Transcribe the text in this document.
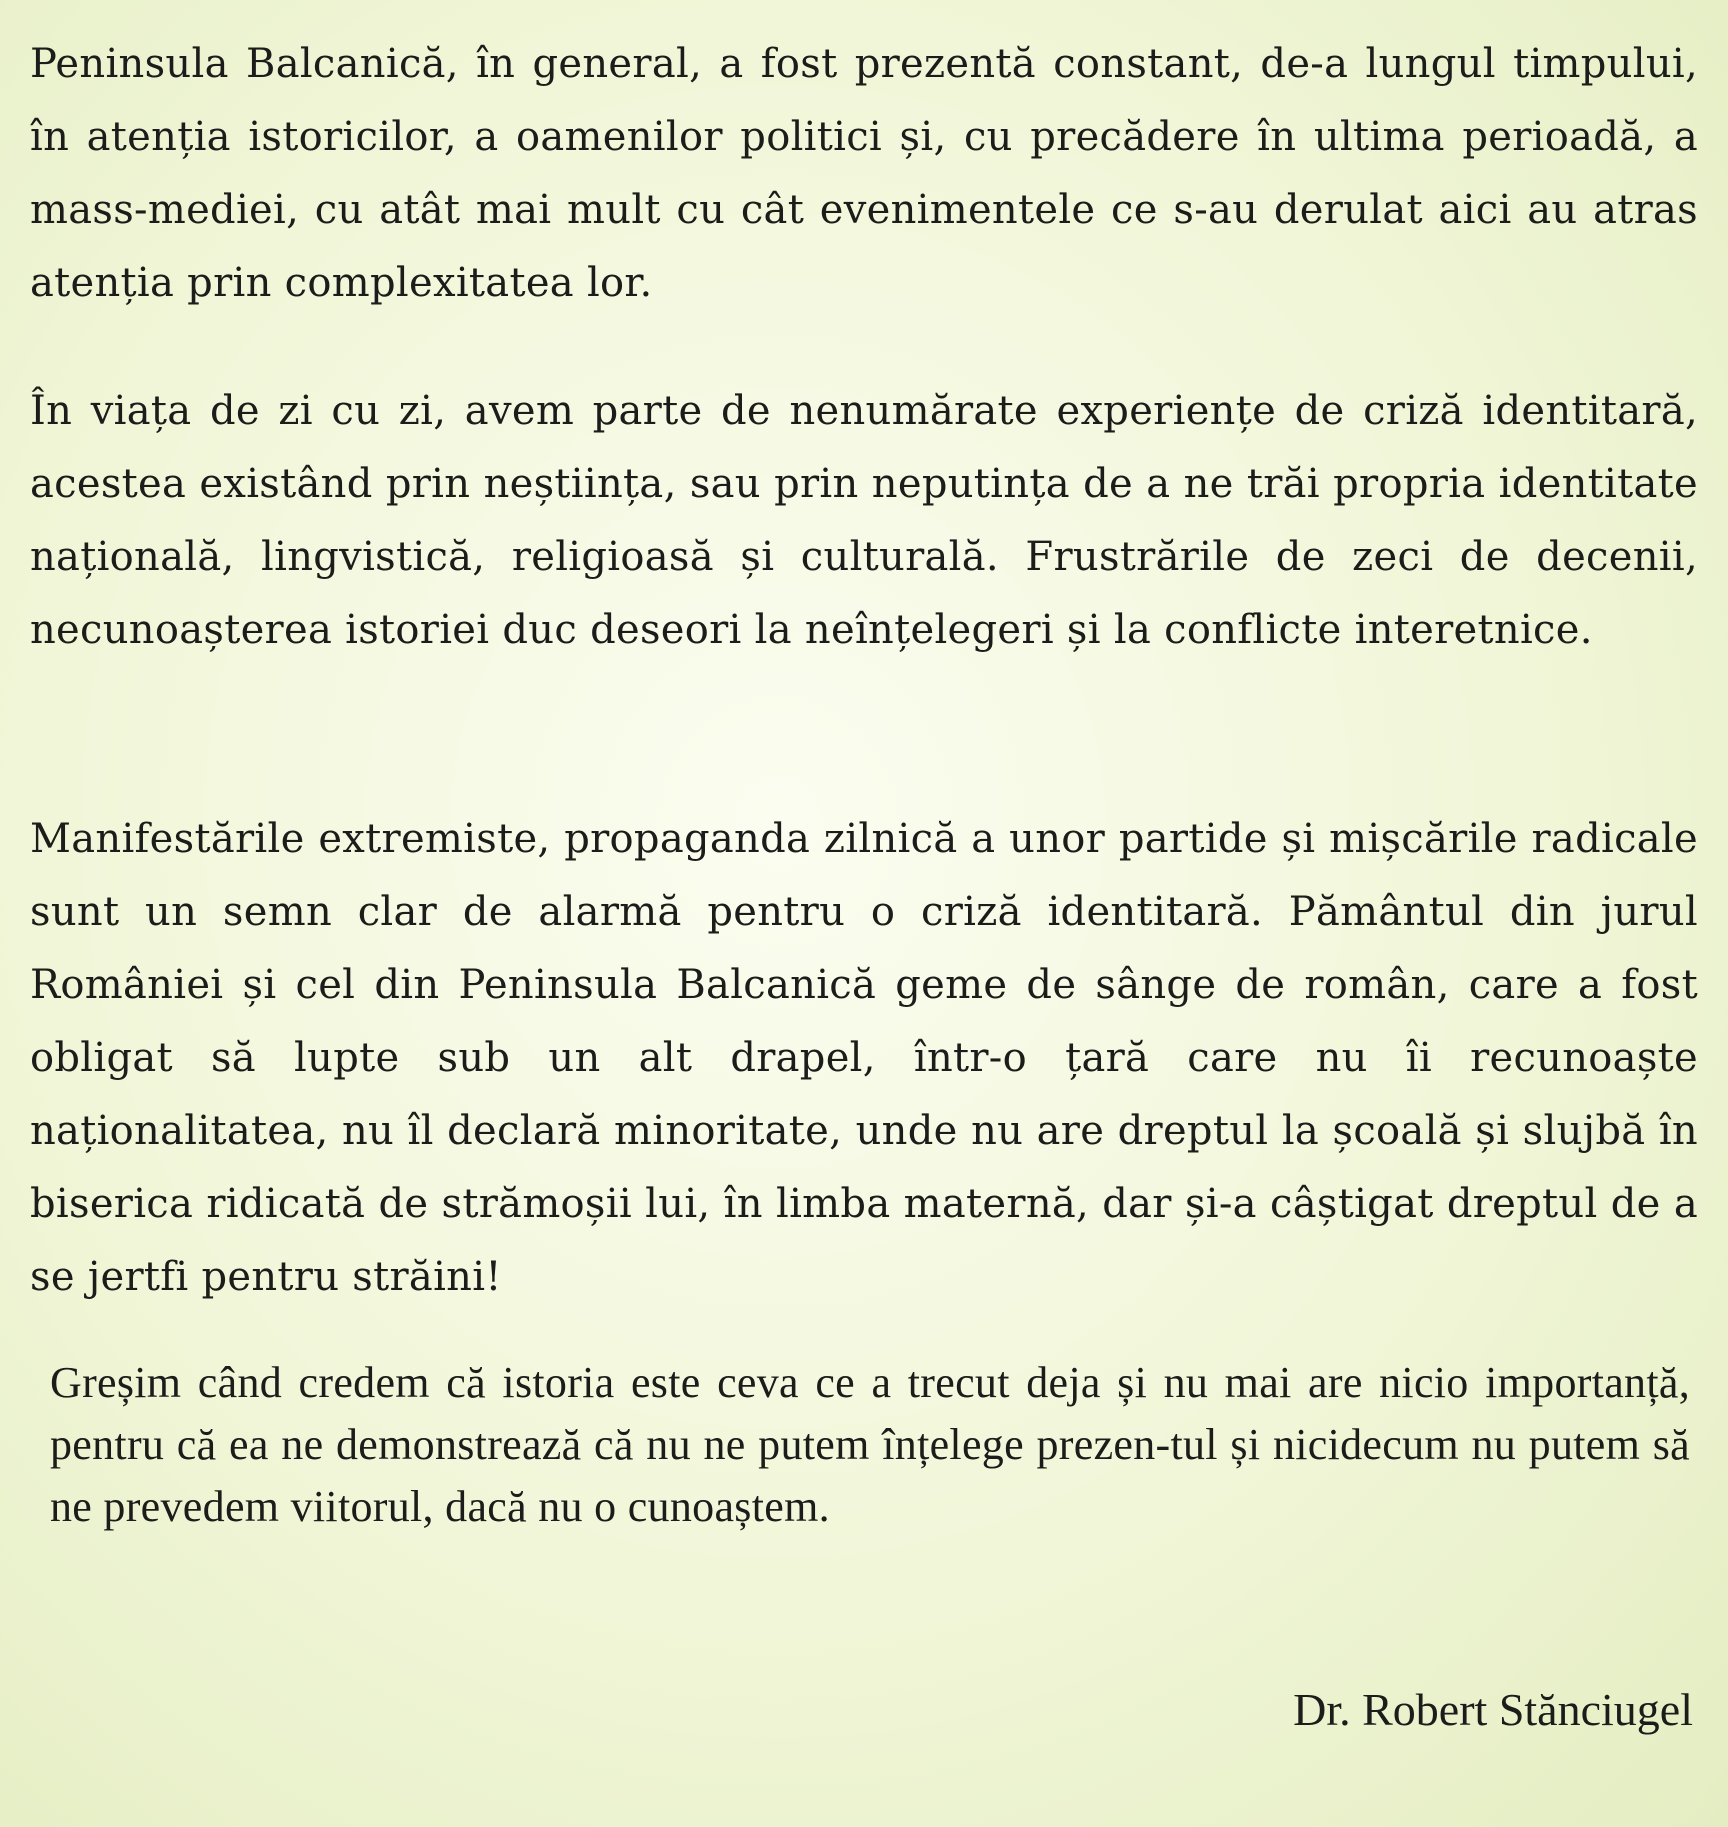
Peninsula Balcanică, în general, a fost prezentă constant, de-a lungul timpului, în atenția istoricilor, a oamenilor politici și, cu precădere în ultima perioadă, a mass-mediei, cu atât mai mult cu cât evenimentele ce s-au derulat aici au atras atenția prin complexitatea lor.

În viața de zi cu zi, avem parte de nenumărate experiențe de criză identitară, acestea existând prin neștiința, sau prin neputința de a ne trăi propria identitate națională, lingvistică, religioasă și culturală. Frustrările de zeci de decenii, necunoașterea istoriei duc deseori la neînțelegeri și la conflicte interetnice.

Manifestările extremiste, propaganda zilnică a unor partide și mișcările radicale sunt un semn clar de alarmă pentru o criză identitară. Pământul din jurul României și cel din Peninsula Balcanică geme de sânge de român, care a fost obligat să lupte sub un alt drapel, într-o țară care nu îi recunoaște naționalitatea, nu îl declară minoritate, unde nu are dreptul la școală și slujbă în biserica ridicată de strămoșii lui, în limba maternă, dar și-a câștigat dreptul de a se jertfi pentru străini!

Greșim când credem că istoria este ceva ce a trecut deja și nu mai are nicio importanță, pentru că ea ne demonstrează că nu ne putem înțelege prezen-tul și nicidecum nu putem să ne prevedem viitorul, dacă nu o cunoaștem.

Dr. Robert Stănciugel
